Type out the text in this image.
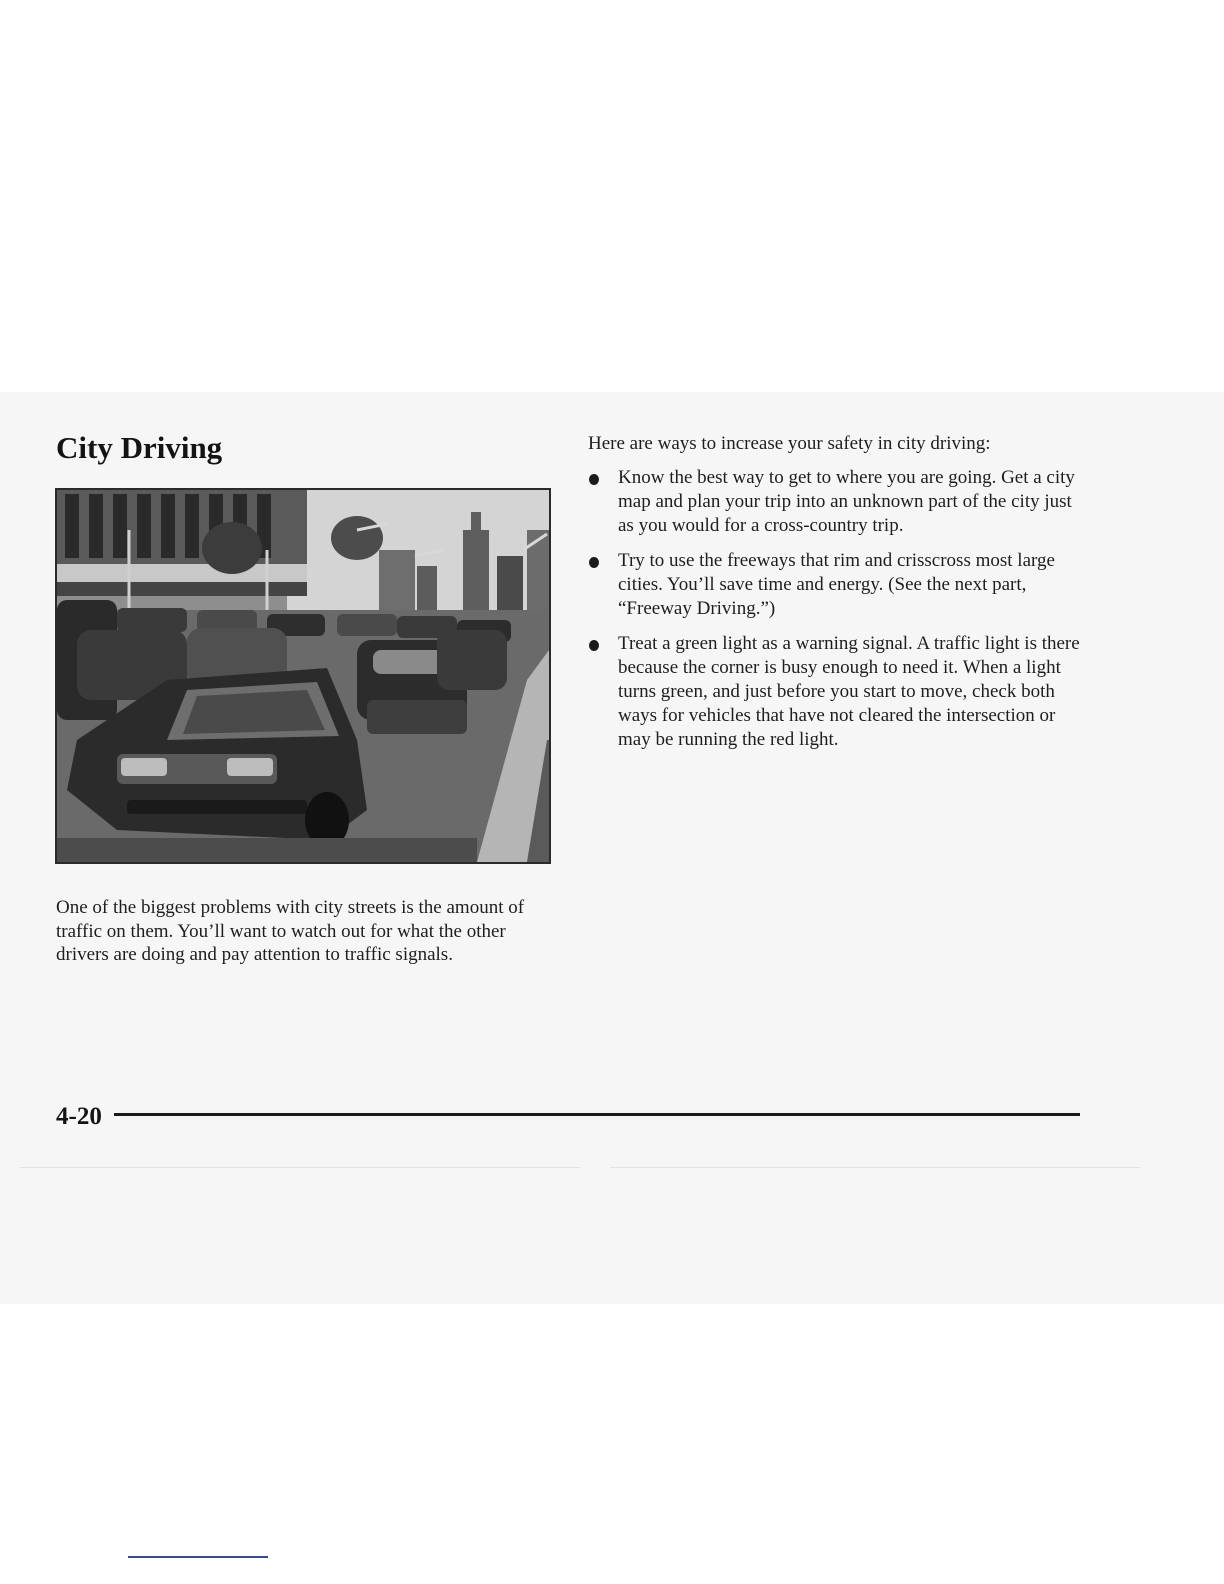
City Driving

One of the biggest problems with city streets is the amount of traffic on them. You’ll want to watch out for what the other drivers are doing and pay attention to traffic signals.

Here are ways to increase your safety in city driving:

Know the best way to get to where you are going. Get a city map and plan your trip into an unknown part of the city just as you would for a cross-country trip.
Try to use the freeways that rim and crisscross most large cities. You’ll save time and energy. (See the next part, “Freeway Driving.”)
Treat a green light as a warning signal. A traffic light is there because the corner is busy enough to need it. When a light turns green, and just before you start to move, check both ways for vehicles that have not cleared the intersection or may be running the red light.
4-20
